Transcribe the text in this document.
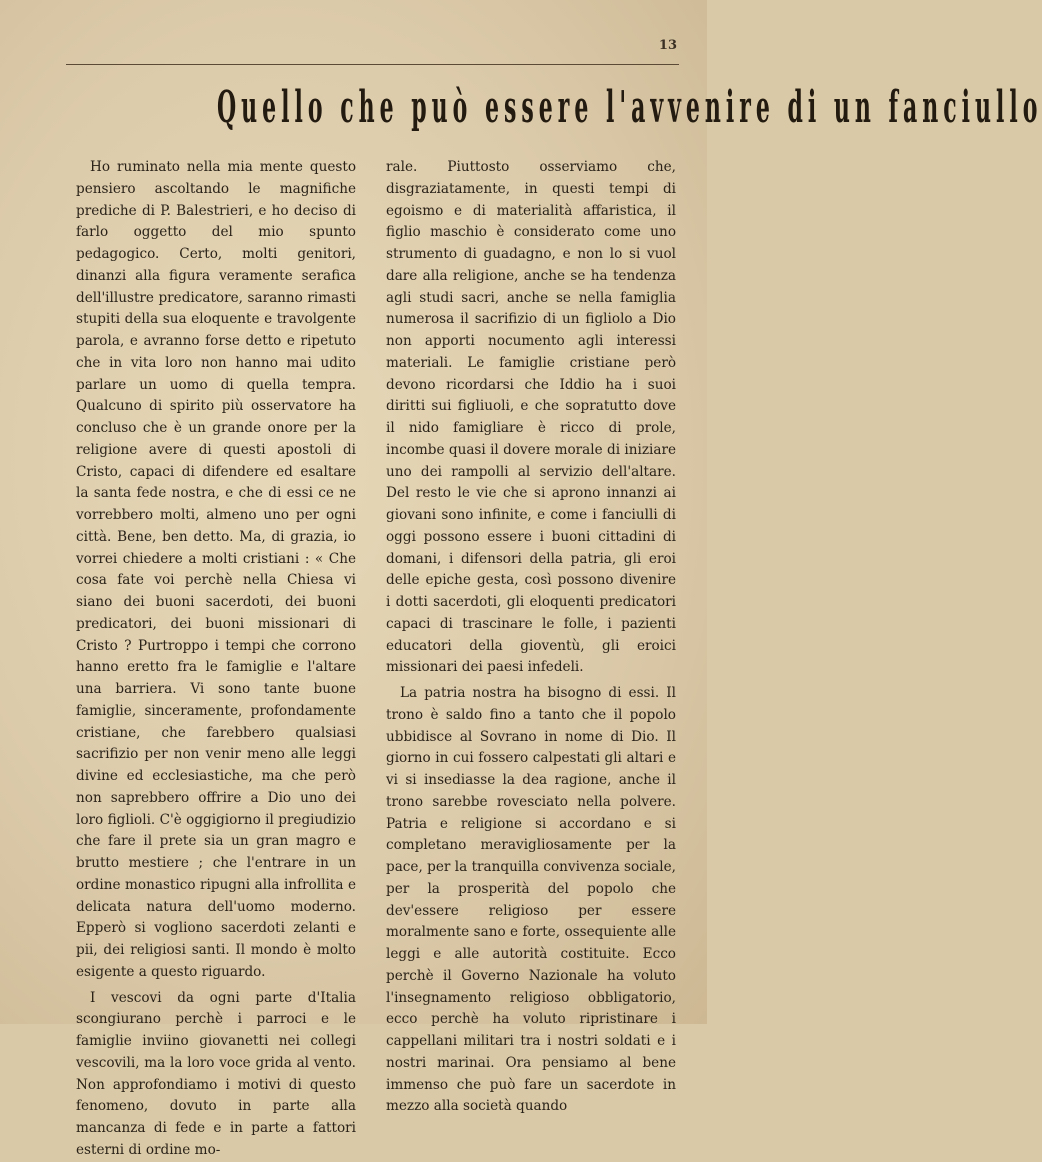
13
Quello che può essere l'avvenire di un fanciullo

Ho ruminato nella mia mente questo pensiero ascoltando le magnifiche prediche di P. Balestrieri, e ho deciso di farlo oggetto del mio spunto pedagogico. Certo, molti genitori, dinanzi alla figura veramente serafica dell'illustre predicatore, saranno rimasti stupiti della sua eloquente e travolgente parola, e avranno forse detto e ripetuto che in vita loro non hanno mai udito parlare un uomo di quella tempra. Qualcuno di spirito più osservatore ha concluso che è un grande onore per la religione avere di questi apostoli di Cristo, capaci di difendere ed esaltare la santa fede nostra, e che di essi ce ne vorrebbero molti, almeno uno per ogni città. Bene, ben detto. Ma, di grazia, io vorrei chiedere a molti cristiani : « Che cosa fate voi perchè nella Chiesa vi siano dei buoni sacerdoti, dei buoni predicatori, dei buoni missionari di Cristo ? Purtroppo i tempi che corrono hanno eretto fra le famiglie e l'altare una barriera. Vi sono tante buone famiglie, sinceramente, profondamente cristiane, che farebbero qualsiasi sacrifizio per non venir meno alle leggi divine ed ecclesiastiche, ma che però non saprebbero offrire a Dio uno dei loro figlioli. C'è oggigiorno il pregiudizio che fare il prete sia un gran magro e brutto mestiere ; che l'entrare in un ordine monastico ripugni alla infrollita e delicata natura dell'uomo moderno. Epperò si vogliono sacerdoti zelanti e pii, dei religiosi santi. Il mondo è molto esigente a questo riguardo.

I vescovi da ogni parte d'Italia scongiurano perchè i parroci e le famiglie inviino giovanetti nei collegi vescovili, ma la loro voce grida al vento. Non approfondiamo i motivi di questo fenomeno, dovuto in parte alla mancanza di fede e in parte a fattori esterni di ordine mo-

rale. Piuttosto osserviamo che, disgraziatamente, in questi tempi di egoismo e di materialità affaristica, il figlio maschio è considerato come uno strumento di guadagno, e non lo si vuol dare alla religione, anche se ha tendenza agli studi sacri, anche se nella famiglia numerosa il sacrifizio di un figliolo a Dio non apporti nocumento agli interessi materiali. Le famiglie cristiane però devono ricordarsi che Iddio ha i suoi diritti sui figliuoli, e che sopratutto dove il nido famigliare è ricco di prole, incombe quasi il dovere morale di iniziare uno dei rampolli al servizio dell'altare. Del resto le vie che si aprono innanzi ai giovani sono infinite, e come i fanciulli di oggi possono essere i buoni cittadini di domani, i difensori della patria, gli eroi delle epiche gesta, così possono divenire i dotti sacerdoti, gli eloquenti predicatori capaci di trascinare le folle, i pazienti educatori della gioventù, gli eroici missionari dei paesi infedeli.

La patria nostra ha bisogno di essi. Il trono è saldo fino a tanto che il popolo ubbidisce al Sovrano in nome di Dio. Il giorno in cui fossero calpestati gli altari e vi si insediasse la dea ragione, anche il trono sarebbe rovesciato nella polvere. Patria e religione si accordano e si completano meravigliosamente per la pace, per la tranquilla convivenza sociale, per la prosperità del popolo che dev'essere religioso per essere moralmente sano e forte, ossequiente alle leggi e alle autorità costituite. Ecco perchè il Governo Nazionale ha voluto l'insegnamento religioso obbligatorio, ecco perchè ha voluto ripristinare i cappellani militari tra i nostri soldati e i nostri marinai. Ora pensiamo al bene immenso che può fare un sacerdote in mezzo alla società quando
